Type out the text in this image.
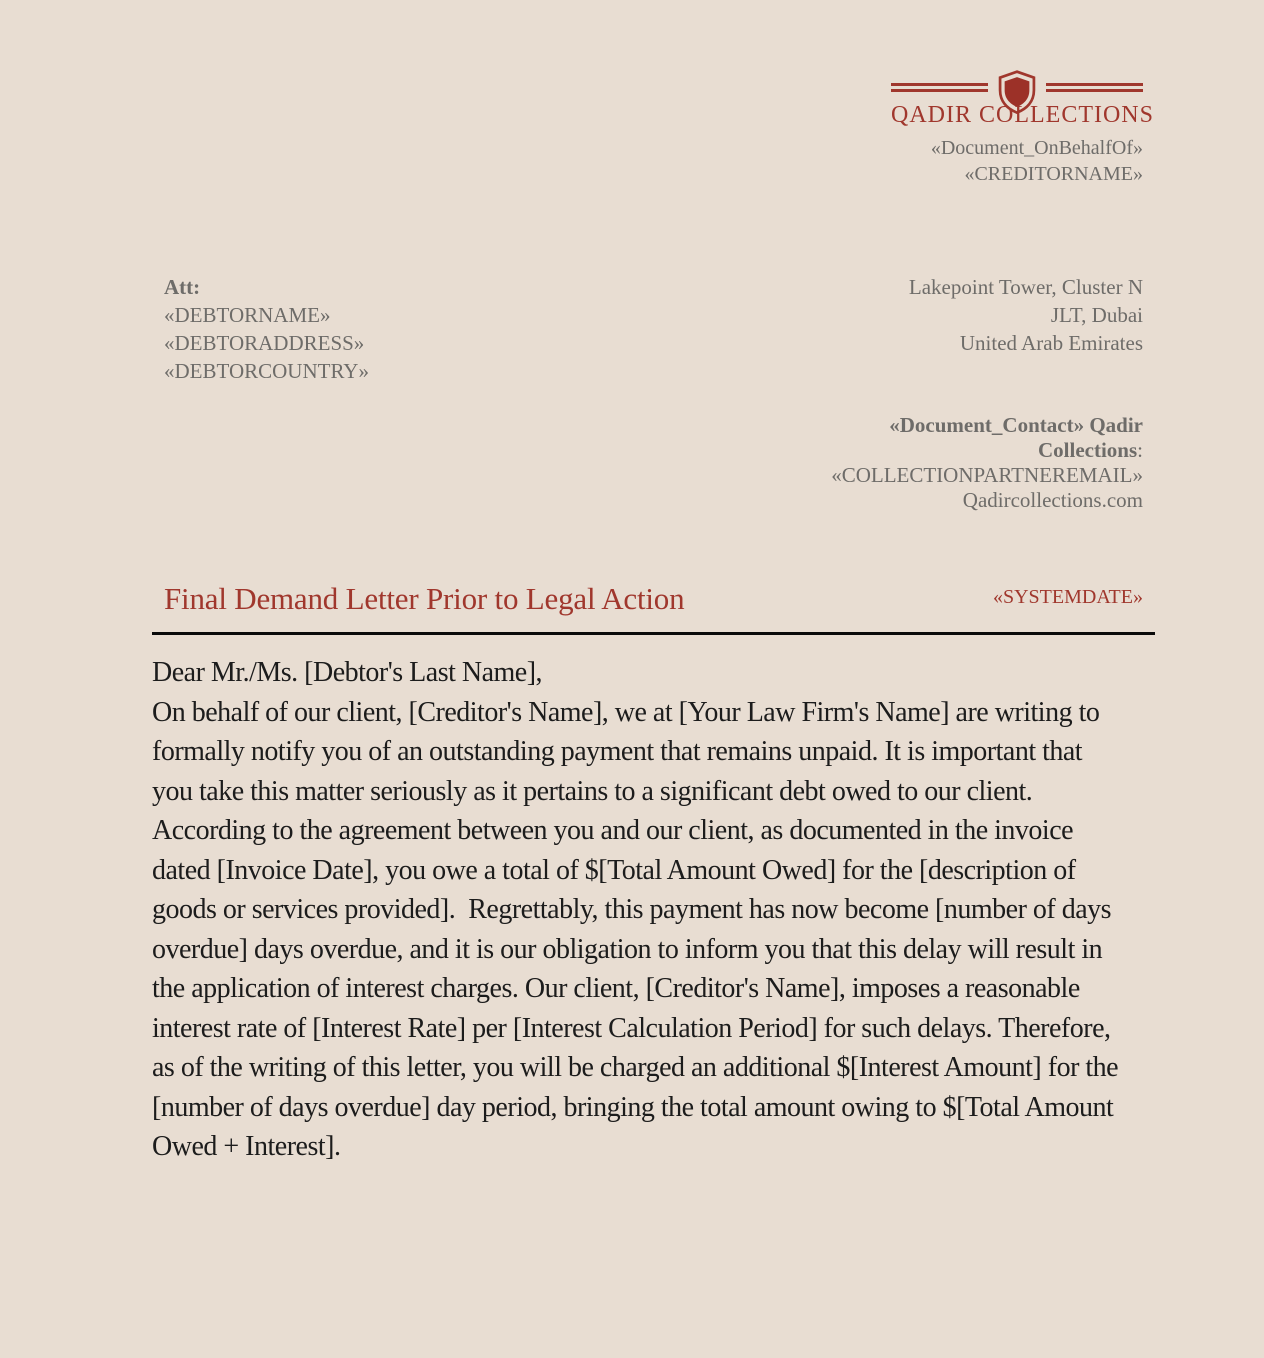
QADIR COLLECTIONS
«Document_OnBehalfOf»
«CREDITORNAME»
Att:
«DEBTORNAME»
«DEBTORADDRESS»
«DEBTORCOUNTRY»
Lakepoint Tower, Cluster N
JLT, Dubai
United Arab Emirates
«Document_Contact» Qadir Collections:
«COLLECTIONPARTNEREMAIL»
Qadircollections.com
Final Demand Letter Prior to Legal Action	«SYSTEMDATE»

Dear Mr./Ms. [Debtor's Last Name],

On behalf of our client, [Creditor's Name], we at [Your Law Firm's Name] are writing to formally notify you of an outstanding payment that remains unpaid. It is important that you take this matter seriously as it pertains to a significant debt owed to our client.  According to the agreement between you and our client, as documented in the invoice dated [Invoice Date], you owe a total of $[Total Amount Owed] for the [description of goods or services provided].  Regrettably, this payment has now become [number of days overdue] days overdue, and it is our obligation to inform you that this delay will result in the application of interest charges. Our client, [Creditor's Name], imposes a reasonable interest rate of [Interest Rate] per [Interest Calculation Period] for such delays. Therefore, as of the writing of this letter, you will be charged an additional $[Interest Amount] for the [number of days overdue] day period, bringing the total amount owing to $[Total Amount Owed + Interest].
